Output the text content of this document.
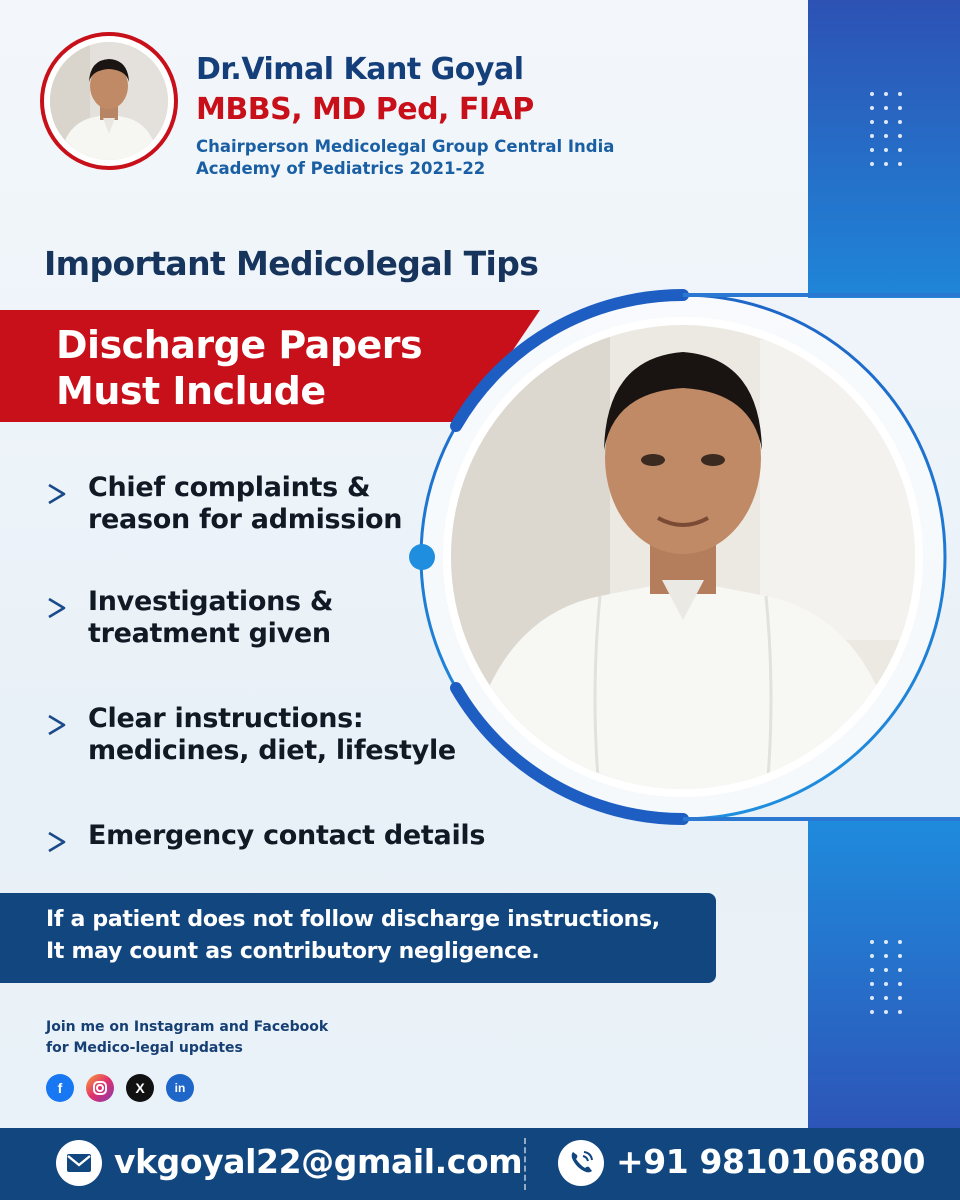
Dr.Vimal Kant Goyal
MBBS, MD Ped, FIAP
Chairperson Medicolegal Group Central India
Academy of Pediatrics 2021-22
Important Medicolegal Tips
Discharge Papers
Must Include
Chief complaints &
reason for admission
Investigations &
treatment given
Clear instructions:
medicines, diet, lifestyle
Emergency contact details
If a patient does not follow discharge instructions,
It may count as contributory negligence.
Join me on Instagram and Facebook
for Medico-legal updates
f	X	in
vkgoyal22@gmail.com	+91 9810106800
